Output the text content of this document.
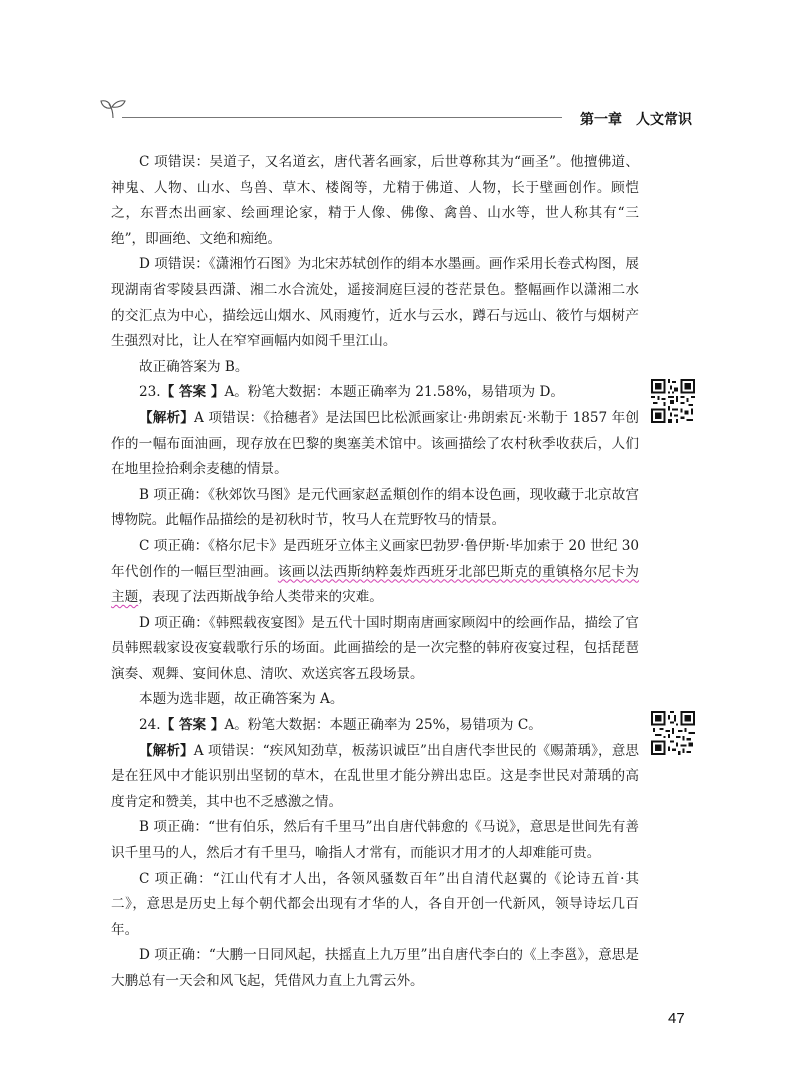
第一章 人文常识

C 项错误：吴道子，又名道玄，唐代著名画家，后世尊称其为“画圣”。他擅佛道、神鬼、人物、山水、鸟兽、草木、楼阁等，尤精于佛道、人物，长于壁画创作。顾恺之，东晋杰出画家、绘画理论家，精于人像、佛像、禽兽、山水等，世人称其有“三绝”，即画绝、文绝和痴绝。

D 项错误：《潇湘竹石图》为北宋苏轼创作的绢本水墨画。画作采用长卷式构图，展现湖南省零陵县西潇、湘二水合流处，遥接洞庭巨浸的苍茫景色。整幅画作以潇湘二水的交汇点为中心，描绘远山烟水、风雨瘦竹，近水与云水，蹲石与远山、筱竹与烟树产生强烈对比，让人在窄窄画幅内如阅千里江山。

故正确答案为 B。

23.【 答案 】A。粉笔大数据：本题正确率为 21.58%，易错项为 D。

【解析】A 项错误：《拾穗者》是法国巴比松派画家让·弗朗索瓦·米勒于 1857 年创作的一幅布面油画，现存放在巴黎的奥塞美术馆中。该画描绘了农村秋季收获后，人们在地里捡拾剩余麦穗的情景。

B 项正确：《秋郊饮马图》是元代画家赵孟頫创作的绢本设色画，现收藏于北京故宫博物院。此幅作品描绘的是初秋时节，牧马人在荒野牧马的情景。

C 项正确：《格尔尼卡》是西班牙立体主义画家巴勃罗·鲁伊斯·毕加索于 20 世纪 30 年代创作的一幅巨型油画。该画以法西斯纳粹轰炸西班牙北部巴斯克的重镇格尔尼卡为主题，表现了法西斯战争给人类带来的灾难。

D 项正确：《韩熙载夜宴图》是五代十国时期南唐画家顾闳中的绘画作品，描绘了官员韩熙载家设夜宴载歌行乐的场面。此画描绘的是一次完整的韩府夜宴过程，包括琵琶演奏、观舞、宴间休息、清吹、欢送宾客五段场景。

本题为选非题，故正确答案为 A。

24.【 答案 】A。粉笔大数据：本题正确率为 25%，易错项为 C。

【解析】A 项错误：“疾风知劲草，板荡识诚臣”出自唐代李世民的《赐萧瑀》，意思是在狂风中才能识别出坚韧的草木，在乱世里才能分辨出忠臣。这是李世民对萧瑀的高度肯定和赞美，其中也不乏感激之情。

B 项正确：“世有伯乐，然后有千里马”出自唐代韩愈的《马说》，意思是世间先有善识千里马的人，然后才有千里马，喻指人才常有，而能识才用才的人却难能可贵。

C 项正确：“江山代有才人出，各领风骚数百年”出自清代赵翼的《论诗五首·其二》，意思是历史上每个朝代都会出现有才华的人，各自开创一代新风，领导诗坛几百年。

D 项正确：“大鹏一日同风起，扶摇直上九万里”出自唐代李白的《上李邕》，意思是大鹏总有一天会和风飞起，凭借风力直上九霄云外。

47
